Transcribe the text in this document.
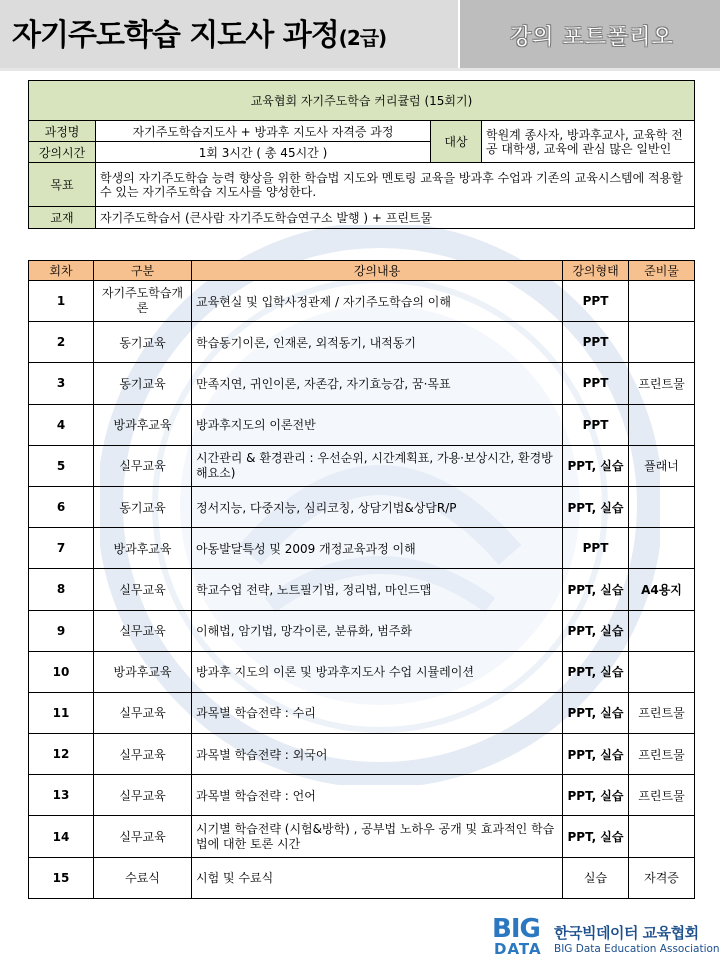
자기주도학습 지도사 과정(2급)	강의 포트폴리오
교육협회 자기주도학습 커리큘럼 (15회기)			
과정명	자기주도학습지도사 + 방과후 지도사 자격증 과정	대상	학원계 종사자, 방과후교사, 교육학 전공 대학생, 교육에 관심 많은 일반인
강의시간	1회 3시간 ( 총 45시간 )		
목표	학생의 자기주도학습 능력 향상을 위한 학습법 지도와 멘토링 교육을 방과후 수업과 기존의 교육시스템에 적용할 수 있는 자기주도학습 지도사를 양성한다.		
교재	자기주도학습서 (큰사람 자기주도학습연구소 발행 ) + 프린트물		
회차	구분	강의내용	강의형태	준비물
1	자기주도학습개론	교육현실 및 입학사정관제 / 자기주도학습의 이해	PPT	
2	동기교육	학습동기이론, 인재론, 외적동기, 내적동기	PPT	
3	동기교육	만족지연, 귀인이론, 자존감, 자기효능감, 꿈·목표	PPT	프린트물
4	방과후교육	방과후지도의 이론전반	PPT	
5	실무교육	시간관리 & 환경관리 : 우선순위, 시간계획표, 가용·보상시간, 환경방해요소)	PPT, 실습	플래너
6	동기교육	정서지능, 다중지능, 심리코칭, 상담기법&상담R/P	PPT, 실습	
7	방과후교육	아동발달특성 및 2009 개정교육과정 이해	PPT	
8	실무교육	학교수업 전략, 노트필기법, 정리법, 마인드맵	PPT, 실습	A4용지
9	실무교육	이해법, 암기법, 망각이론, 분류화, 범주화	PPT, 실습	
10	방과후교육	방과후 지도의 이론 및 방과후지도사 수업 시뮬레이션	PPT, 실습	
11	실무교육	과목별 학습전략 : 수리	PPT, 실습	프린트물
12	실무교육	과목별 학습전략 : 외국어	PPT, 실습	프린트물
13	실무교육	과목별 학습전략 : 언어	PPT, 실습	프린트물
14	실무교육	시기별 학습전략 (시험&방학) , 공부법 노하우 공개 및 효과적인 학습법에 대한 토론 시간	PPT, 실습	
15	수료식	시험 및 수료식	실습	자격증
BIG
DATA
한국빅데이터 교육협회
BIG Data Education Association
